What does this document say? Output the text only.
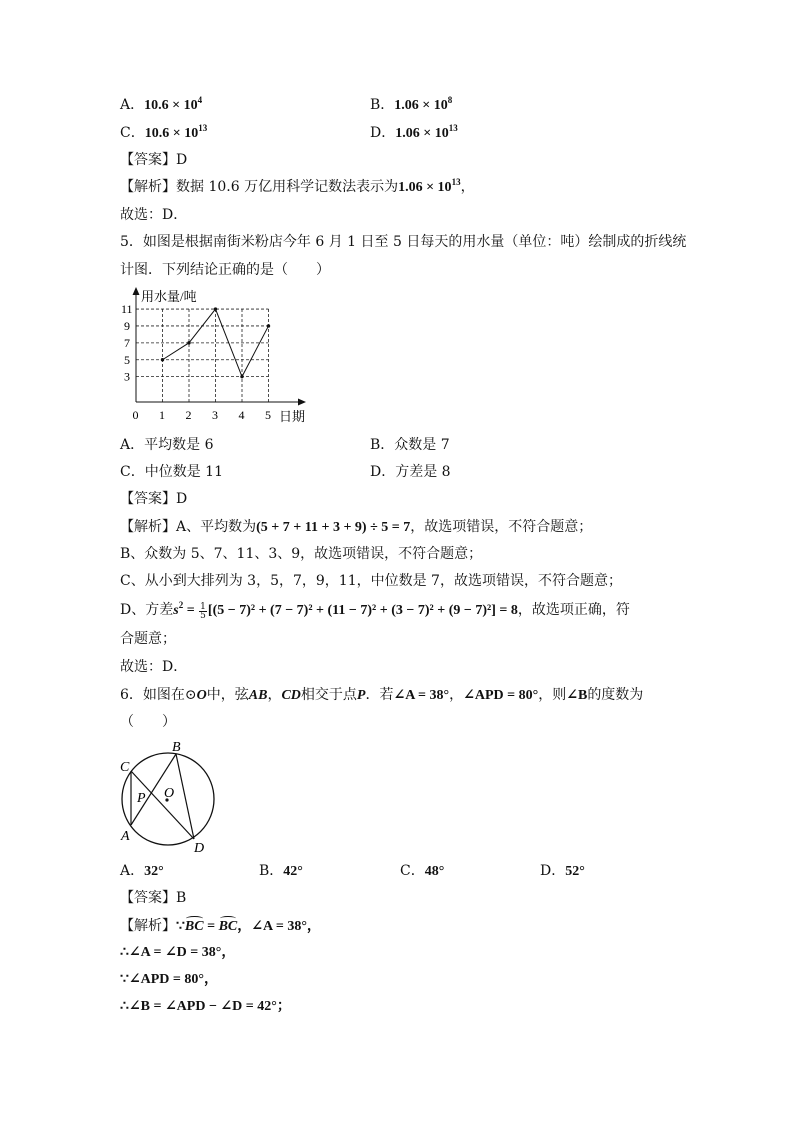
A．$10.6 \times 10^4$	B．$1.06 \times 10^8$
C．$10.6 \times 10^{13}$	D．$1.06 \times 10^{13}$
【答案】D
【解析】数据 10.6 万亿用科学记数法表示为$1.06 \times 10^{13}$，
故选：D．
5．如图是根据南街米粉店今年 6 月 1 日至 5 日每天的用水量（单位：吨）绘制成的折线统
计图．下列结论正确的是（　　）
用水量/吨
日期
0 1 2 3 4 5
3
5
7
9
11
A．平均数是 6	B．众数是 7
C．中位数是 11	D．方差是 8
【答案】D
【解析】A、平均数为(5 + 7 + 11 + 3 + 9) ÷ 5 = 7，故选项错误，不符合题意；
B、众数为 5、7、11、3、9，故选项错误，不符合题意；
C、从小到大排列为 3，5，7，9，11，中位数是 7，故选项错误，不符合题意；
D、方差$s^2 = \frac{1}{5} [(5 - 7)^2 + (7 - 7)^2 + (11 - 7)^2 + (3 - 7)^2 + (9 - 7)^2] = 8$，故选项正确，符
合题意；
故选：D．
6．如图在⊙O中，弦AB，CD相交于点P．若∠A = 38°，∠APD = 80°，则∠B的度数为
（　　）
C
B
P O
A
D
A．32°	B．42°	C．48°	D．52°
【答案】B
【解析】∵BC = BC，∠A = 38°，
∴∠A = ∠D = 38°，
∵∠APD = 80°，
∴∠B = ∠APD − ∠D = 42°；
